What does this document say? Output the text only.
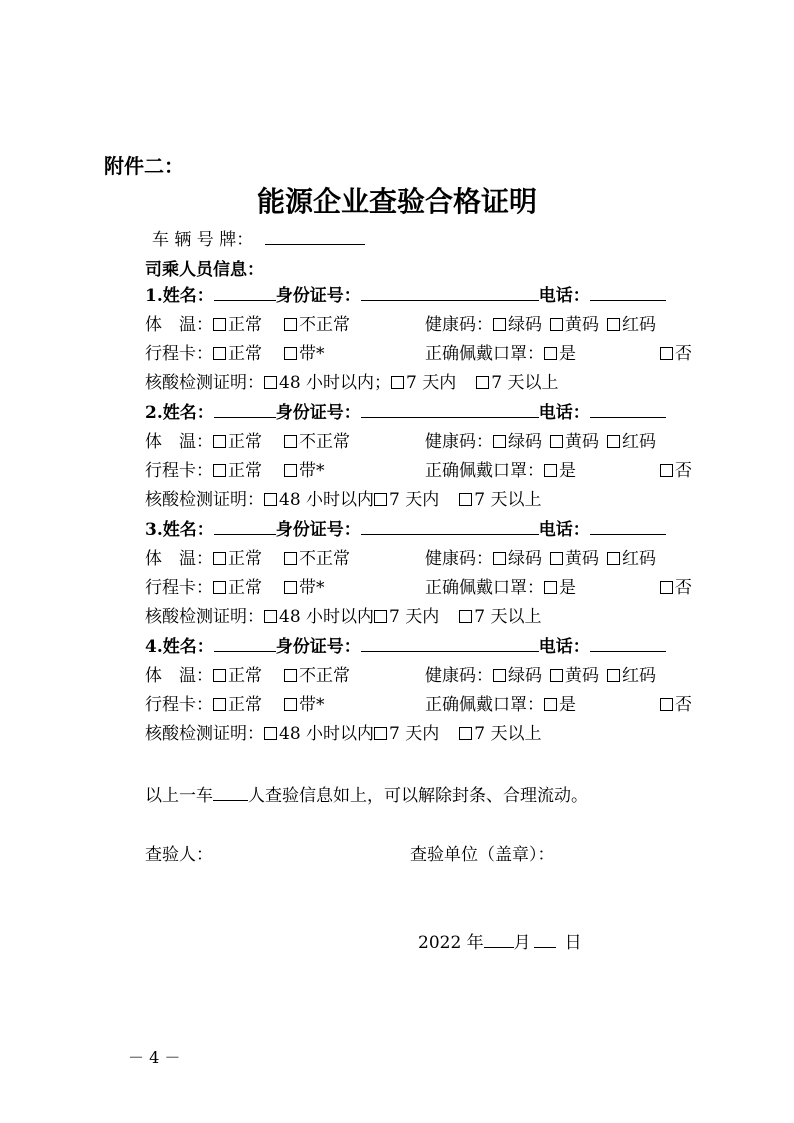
附件二：
能源企业查验合格证明
车 辆 号 牌：
司乘人员信息：
1.姓名：	身份证号：	电话：
体　温： 正常 不正常	健康码： 绿码 黄码 红码
行程卡： 正常 带*	正确佩戴口罩： 是	否
核酸检测证明： 48 小时以内； 7 天内 7 天以上
2.姓名：	身份证号：	电话：
体　温： 正常 不正常	健康码： 绿码 黄码 红码
行程卡： 正常 带*	正确佩戴口罩： 是	否
核酸检测证明： 48 小时以内 7 天内 7 天以上
3.姓名：	身份证号：	电话：
体　温： 正常 不正常	健康码： 绿码 黄码 红码
行程卡： 正常 带*	正确佩戴口罩： 是	否
核酸检测证明： 48 小时以内 7 天内 7 天以上
4.姓名：	身份证号：	电话：
体　温： 正常 不正常	健康码： 绿码 黄码 红码
行程卡： 正常 带*	正确佩戴口罩： 是	否
核酸检测证明： 48 小时以内 7 天内 7 天以上
以上一车 人查验信息如上，可以解除封条、合理流动。
查验人：	查验单位（盖章）：
2022 年 月 日
－ 4 －
